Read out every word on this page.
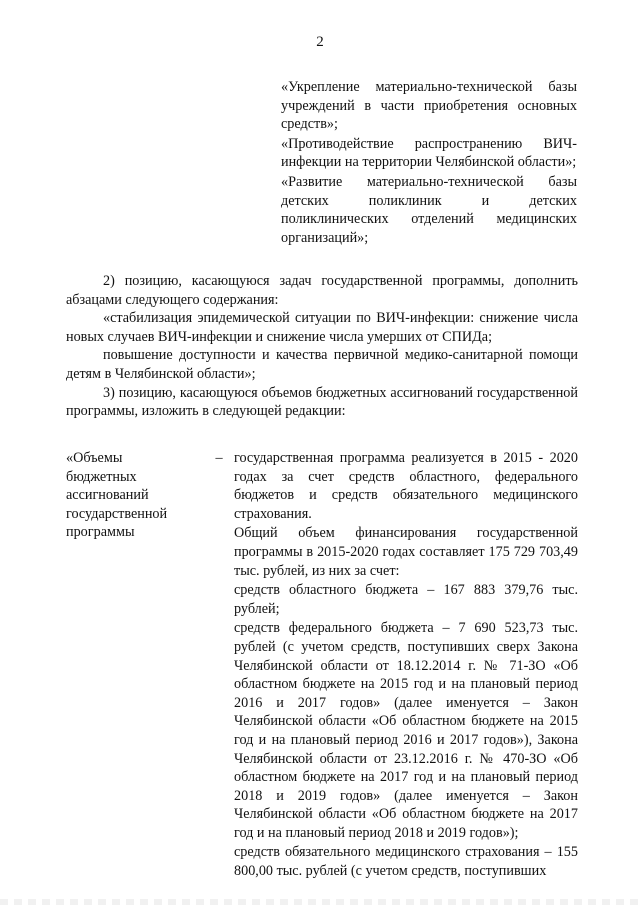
2

«Укрепление материально-технической базы учреждений в части приобретения основных средств»;

«Противодействие распространению ВИЧ-инфекции на территории Челябинской области»;

«Развитие материально-технической базы детских поликлиник и детских поликлинических отделений медицинских организаций»;

2) позицию, касающуюся задач государственной программы, дополнить абзацами следующего содержания:

«стабилизация эпидемической ситуации по ВИЧ-инфекции: снижение числа новых случаев ВИЧ-инфекции и снижение числа умерших от СПИДа;

повышение доступности и качества первичной медико-санитарной помощи детям в Челябинской области»;

3) позицию, касающуюся объемов бюджетных ассигнований государственной программы, изложить в следующей редакции:

«Объемы
бюджетных
ассигнований
государственной
программы
– государственная программа реализуется в 2015 - 2020 годах за счет средств областного, федерального бюджетов и средств обязательного медицинского страхования.

Общий объем финансирования государственной программы в 2015-2020 годах составляет 175 729 703,49 тыс. рублей, из них за счет:

средств областного бюджета – 167 883 379,76 тыс. рублей;

средств федерального бюджета – 7 690 523,73 тыс. рублей (с учетом средств, поступивших сверх Закона Челябинской области от 18.12.2014 г. № 71-ЗО «Об областном бюджете на 2015 год и на плановый период 2016 и 2017 годов» (далее именуется – Закон Челябинской области «Об областном бюджете на 2015 год и на плановый период 2016 и 2017 годов»), Закона Челябинской области от 23.12.2016 г. № 470-ЗО «Об областном бюджете на 2017 год и на плановый период 2018 и 2019 годов» (далее именуется – Закон Челябинской области «Об областном бюджете на 2017 год и на плановый период 2018 и 2019 годов»);

средств обязательного медицинского страхования – 155 800,00 тыс. рублей (с учетом средств, поступивших
